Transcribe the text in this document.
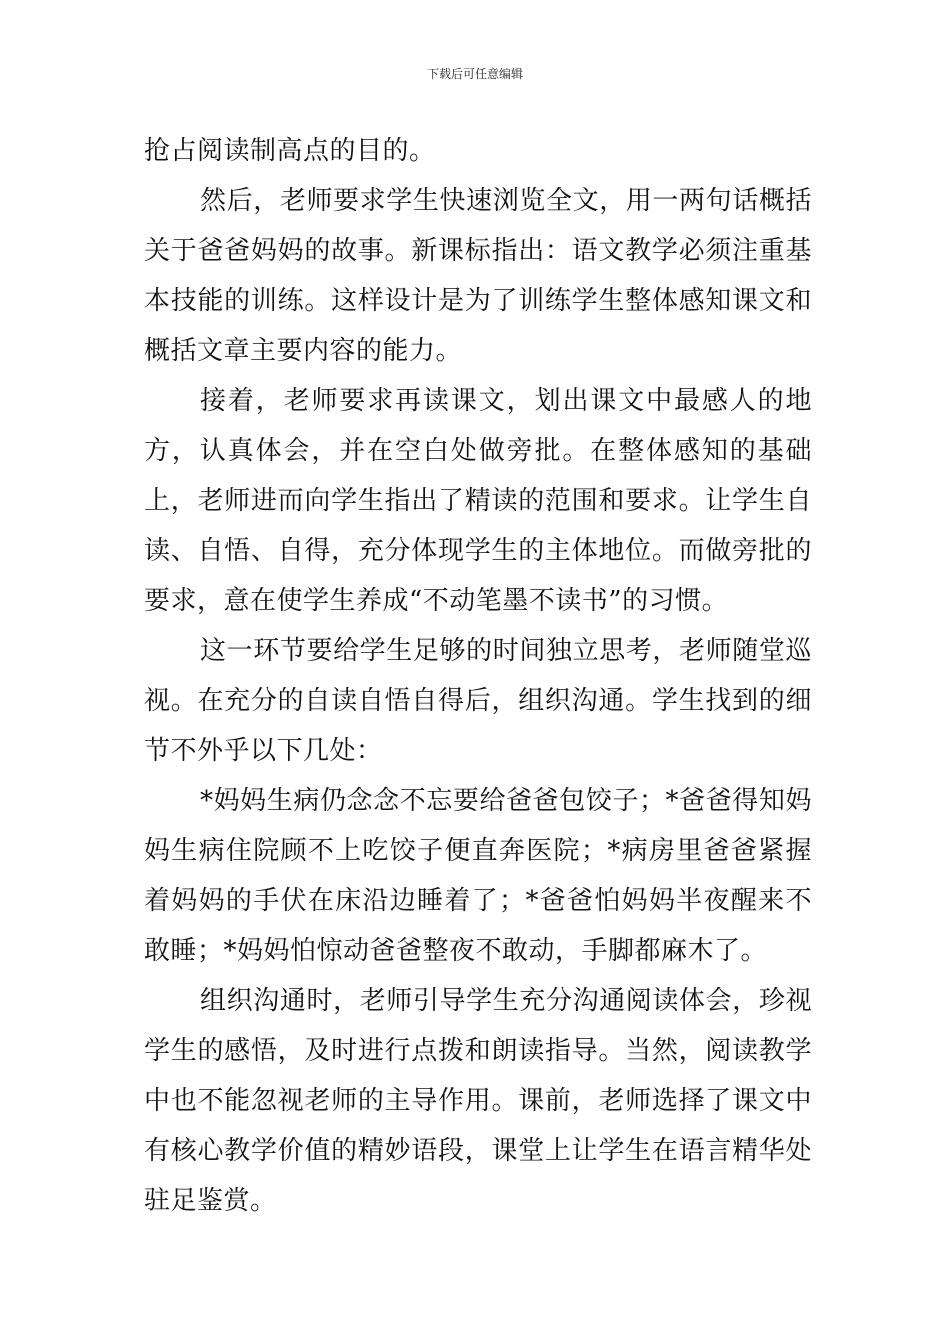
下载后可任意编辑

抢占阅读制高点的目的。

然后，老师要求学生快速浏览全文，用一两句话概括关于爸爸妈妈的故事。新课标指出：语文教学必须注重基本技能的训练。这样设计是为了训练学生整体感知课文和概括文章主要内容的能力。

接着，老师要求再读课文，划出课文中最感人的地方，认真体会，并在空白处做旁批。在整体感知的基础上，老师进而向学生指出了精读的范围和要求。让学生自读、自悟、自得，充分体现学生的主体地位。而做旁批的要求，意在使学生养成“不动笔墨不读书”的习惯。

这一环节要给学生足够的时间独立思考，老师随堂巡视。在充分的自读自悟自得后，组织沟通。学生找到的细节不外乎以下几处：

*妈妈生病仍念念不忘要给爸爸包饺子；*爸爸得知妈妈生病住院顾不上吃饺子便直奔医院；*病房里爸爸紧握着妈妈的手伏在床沿边睡着了；*爸爸怕妈妈半夜醒来不敢睡；*妈妈怕惊动爸爸整夜不敢动，手脚都麻木了。

组织沟通时，老师引导学生充分沟通阅读体会，珍视学生的感悟，及时进行点拨和朗读指导。当然，阅读教学中也不能忽视老师的主导作用。课前，老师选择了课文中有核心教学价值的精妙语段，课堂上让学生在语言精华处驻足鉴赏。
